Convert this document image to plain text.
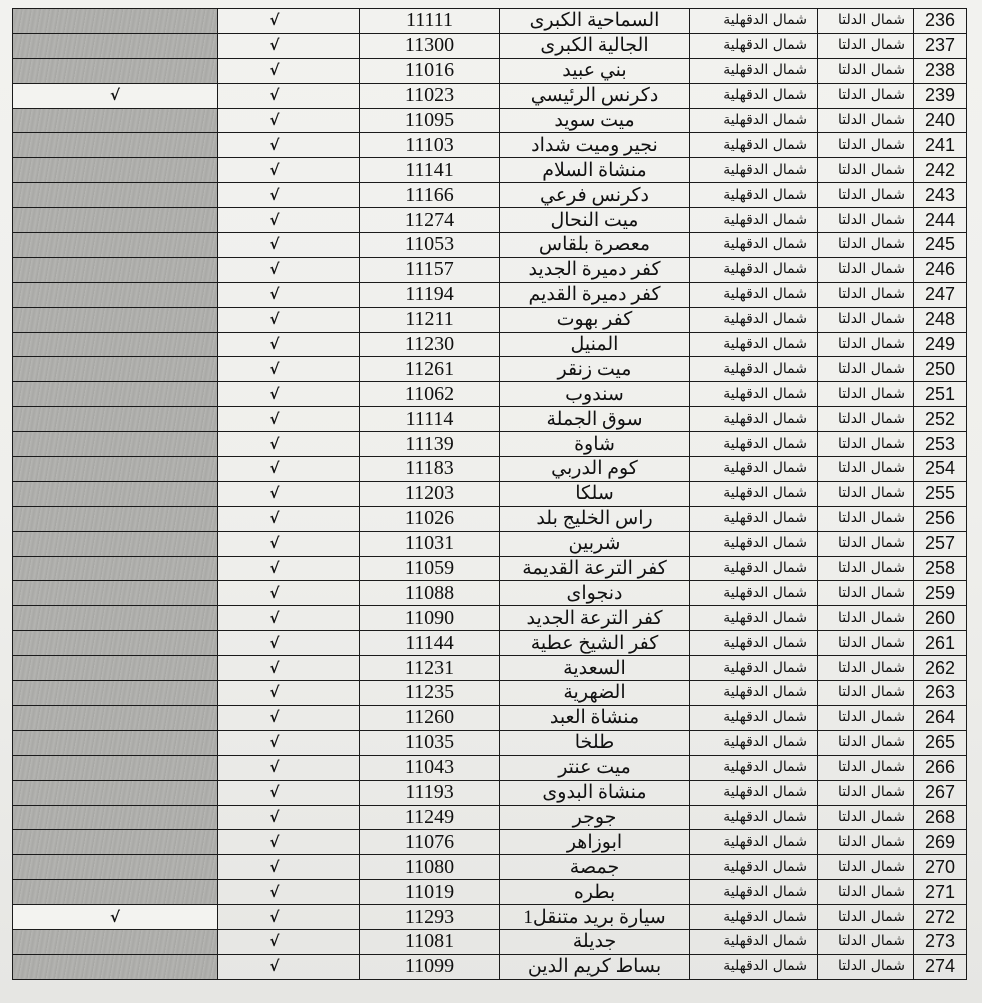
	√	11111	السماحية الكبرى	شمال الدقهلية	شمال الدلتا	236
	√	11300	الجالية الكبرى	شمال الدقهلية	شمال الدلتا	237
	√	11016	بني عبيد	شمال الدقهلية	شمال الدلتا	238
√	√	11023	دكرنس الرئيسي	شمال الدقهلية	شمال الدلتا	239
	√	11095	ميت سويد	شمال الدقهلية	شمال الدلتا	240
	√	11103	نجير وميت شداد	شمال الدقهلية	شمال الدلتا	241
	√	11141	منشاة السلام	شمال الدقهلية	شمال الدلتا	242
	√	11166	دكرنس فرعي	شمال الدقهلية	شمال الدلتا	243
	√	11274	ميت النحال	شمال الدقهلية	شمال الدلتا	244
	√	11053	معصرة بلقاس	شمال الدقهلية	شمال الدلتا	245
	√	11157	كفر دميرة الجديد	شمال الدقهلية	شمال الدلتا	246
	√	11194	كفر دميرة القديم	شمال الدقهلية	شمال الدلتا	247
	√	11211	كفر بهوت	شمال الدقهلية	شمال الدلتا	248
	√	11230	المنيل	شمال الدقهلية	شمال الدلتا	249
	√	11261	ميت زنقر	شمال الدقهلية	شمال الدلتا	250
	√	11062	سندوب	شمال الدقهلية	شمال الدلتا	251
	√	11114	سوق الجملة	شمال الدقهلية	شمال الدلتا	252
	√	11139	شاوة	شمال الدقهلية	شمال الدلتا	253
	√	11183	كوم الدربي	شمال الدقهلية	شمال الدلتا	254
	√	11203	سلكا	شمال الدقهلية	شمال الدلتا	255
	√	11026	راس الخليج بلد	شمال الدقهلية	شمال الدلتا	256
	√	11031	شربين	شمال الدقهلية	شمال الدلتا	257
	√	11059	كفر الترعة القديمة	شمال الدقهلية	شمال الدلتا	258
	√	11088	دنجواى	شمال الدقهلية	شمال الدلتا	259
	√	11090	كفر الترعة الجديد	شمال الدقهلية	شمال الدلتا	260
	√	11144	كفر الشيخ عطية	شمال الدقهلية	شمال الدلتا	261
	√	11231	السعدية	شمال الدقهلية	شمال الدلتا	262
	√	11235	الضهرية	شمال الدقهلية	شمال الدلتا	263
	√	11260	منشاة العبد	شمال الدقهلية	شمال الدلتا	264
	√	11035	طلخا	شمال الدقهلية	شمال الدلتا	265
	√	11043	ميت عنتر	شمال الدقهلية	شمال الدلتا	266
	√	11193	منشاة البدوى	شمال الدقهلية	شمال الدلتا	267
	√	11249	جوجر	شمال الدقهلية	شمال الدلتا	268
	√	11076	ابوزاهر	شمال الدقهلية	شمال الدلتا	269
	√	11080	جمصة	شمال الدقهلية	شمال الدلتا	270
	√	11019	بطره	شمال الدقهلية	شمال الدلتا	271
√	√	11293	سيارة بريد متنقل1	شمال الدقهلية	شمال الدلتا	272
	√	11081	جديلة	شمال الدقهلية	شمال الدلتا	273
	√	11099	بساط كريم الدين	شمال الدقهلية	شمال الدلتا	274
